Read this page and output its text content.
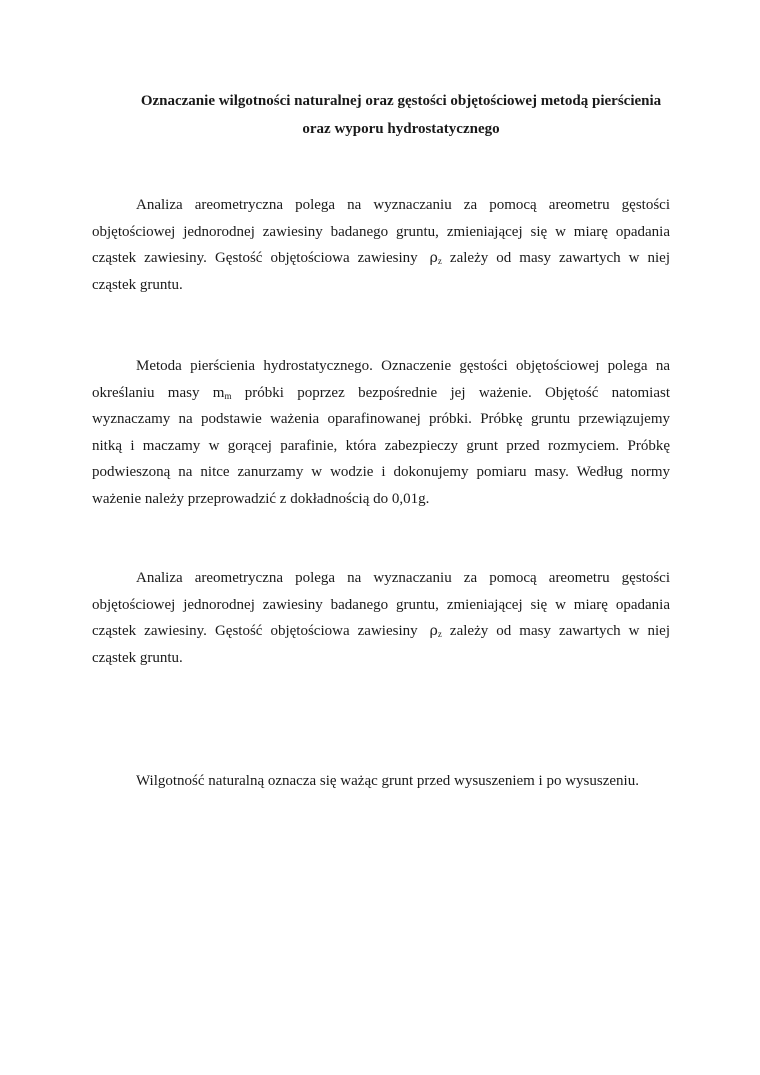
Oznaczanie wilgotności naturalnej oraz gęstości objętościowej metodą pierścienia

oraz wyporu hydrostatycznego

Analiza areometryczna polega na wyznaczaniu za pomocą areometru gęstości
objętościowej jednorodnej zawiesiny badanego gruntu, zmieniającej się w miarę opadania
cząstek zawiesiny. Gęstość objętościowa zawiesiny $\rho_z$ zależy od masy zawartych w niej
cząstek gruntu.
Metoda pierścienia hydrostatycznego. Oznaczenie gęstości objętościowej polega na
określaniu masy $m_m$ próbki poprzez bezpośrednie jej ważenie. Objętość natomiast
wyznaczamy na podstawie ważenia oparafinowanej próbki. Próbkę gruntu przewiązujemy
nitką i maczamy w gorącej parafinie, która zabezpieczy grunt przed rozmyciem. Próbkę
podwieszoną na nitce zanurzamy w wodzie i dokonujemy pomiaru masy. Według normy
ważenie należy przeprowadzić z dokładnością do 0,01g.
Analiza areometryczna polega na wyznaczaniu za pomocą areometru gęstości
objętościowej jednorodnej zawiesiny badanego gruntu, zmieniającej się w miarę opadania
cząstek zawiesiny. Gęstość objętościowa zawiesiny $\rho_z$ zależy od masy zawartych w niej
cząstek gruntu.

Wilgotność naturalną oznacza się ważąc grunt przed wysuszeniem i po wysuszeniu.
